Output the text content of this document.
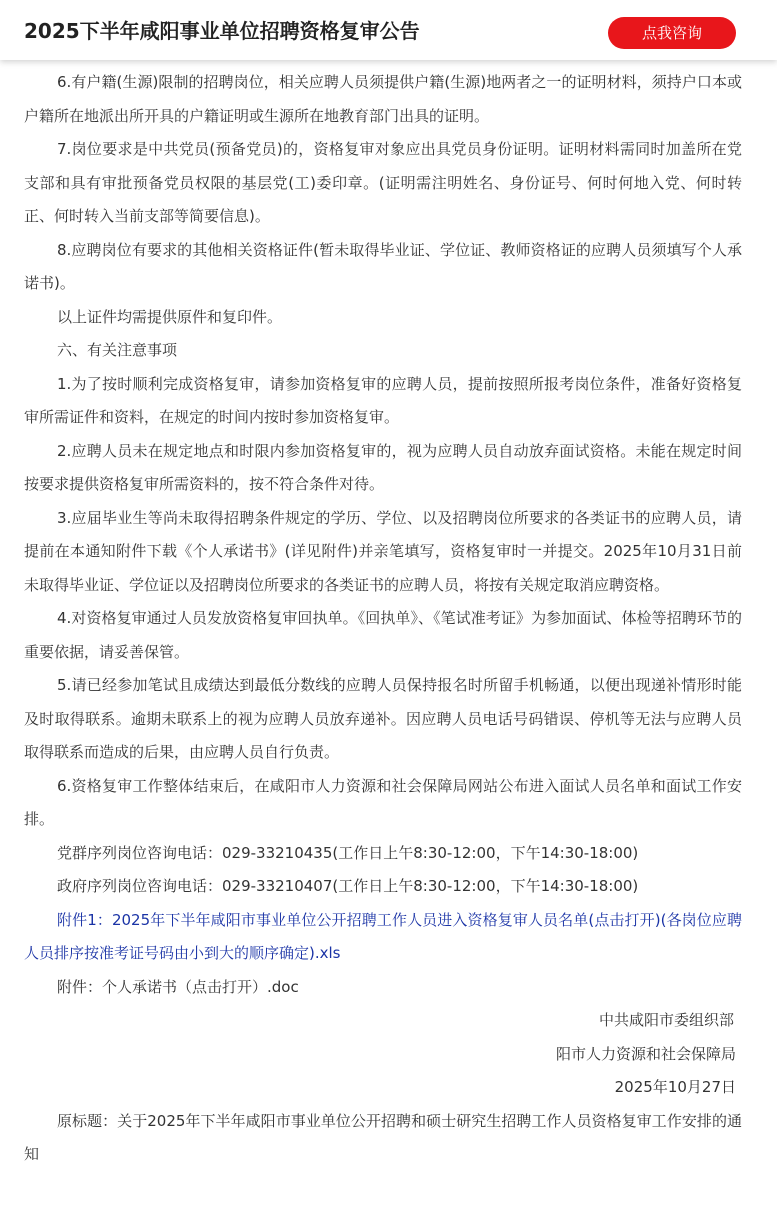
2025下半年咸阳事业单位招聘资格复审公告	点我咨询

6.有户籍(生源)限制的招聘岗位，相关应聘人员须提供户籍(生源)地两者之一的证明材料，须持户口本或户籍所在地派出所开具的户籍证明或生源所在地教育部门出具的证明。

7.岗位要求是中共党员(预备党员)的，资格复审对象应出具党员身份证明。证明材料需同时加盖所在党支部和具有审批预备党员权限的基层党(工)委印章。(证明需注明姓名、身份证号、何时何地入党、何时转正、何时转入当前支部等简要信息)。

8.应聘岗位有要求的其他相关资格证件(暂未取得毕业证、学位证、教师资格证的应聘人员须填写个人承诺书)。

以上证件均需提供原件和复印件。

六、有关注意事项

1.为了按时顺利完成资格复审，请参加资格复审的应聘人员，提前按照所报考岗位条件，准备好资格复审所需证件和资料，在规定的时间内按时参加资格复审。

2.应聘人员未在规定地点和时限内参加资格复审的，视为应聘人员自动放弃面试资格。未能在规定时间按要求提供资格复审所需资料的，按不符合条件对待。

3.应届毕业生等尚未取得招聘条件规定的学历、学位、以及招聘岗位所要求的各类证书的应聘人员，请提前在本通知附件下载《个人承诺书》(详见附件)并亲笔填写，资格复审时一并提交。2025年10月31日前未取得毕业证、学位证以及招聘岗位所要求的各类证书的应聘人员，将按有关规定取消应聘资格。

4.对资格复审通过人员发放资格复审回执单。《回执单》、《笔试准考证》为参加面试、体检等招聘环节的重要依据，请妥善保管。

5.请已经参加笔试且成绩达到最低分数线的应聘人员保持报名时所留手机畅通，以便出现递补情形时能及时取得联系。逾期未联系上的视为应聘人员放弃递补。因应聘人员电话号码错误、停机等无法与应聘人员取得联系而造成的后果，由应聘人员自行负责。

6.资格复审工作整体结束后，在咸阳市人力资源和社会保障局网站公布进入面试人员名单和面试工作安排。

党群序列岗位咨询电话：029-33210435(工作日上午8:30-12:00，下午14:30-18:00)

政府序列岗位咨询电话：029-33210407(工作日上午8:30-12:00，下午14:30-18:00)

附件1：2025年下半年咸阳市事业单位公开招聘工作人员进入资格复审人员名单(点击打开)(各岗位应聘人员排序按准考证号码由小到大的顺序确定).xls

附件：个人承诺书（点击打开）.doc

中共咸阳市委组织部

阳市人力资源和社会保障局

2025年10月27日

原标题：关于2025年下半年咸阳市事业单位公开招聘和硕士研究生招聘工作人员资格复审工作安排的通知
